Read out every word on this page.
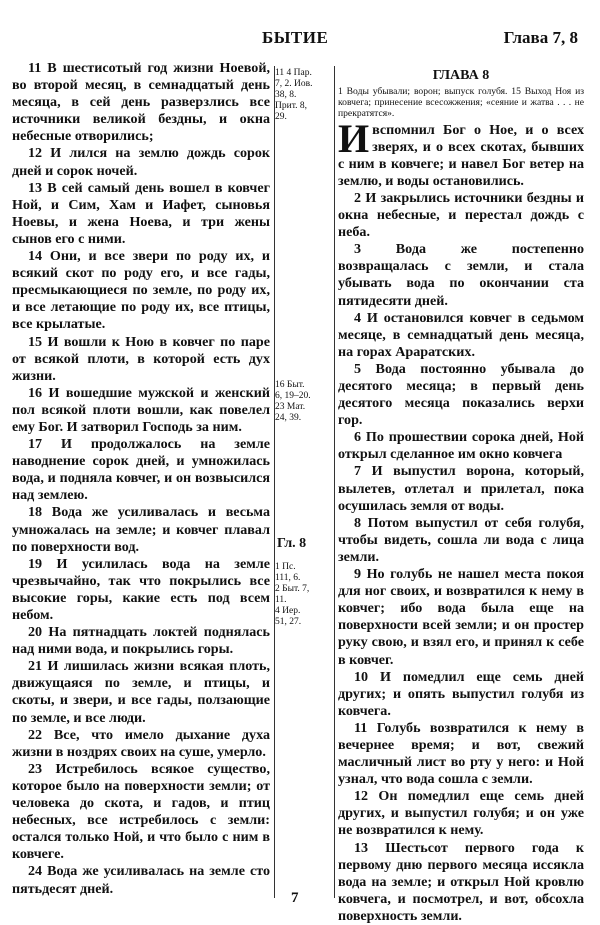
БЫТИЕ	Глава 7, 8

11 В шестисотый год жизни Ноевой, во второй месяц, в семнадцатый день месяца, в сей день разверзлись все источники великой бездны, и окна небесные отворились;

12 И лился на землю дождь сорок дней и сорок ночей.

13 В сей самый день вошел в ковчег Ной, и Сим, Хам и Иафет, сыновья Ноевы, и жена Ноева, и три жены сынов его с ними.

14 Они, и все звери по роду их, и всякий скот по роду его, и все гады, пресмыкающиеся по земле, по роду их, и все летающие по роду их, все птицы, все крылатые.

15 И вошли к Ною в ковчег по паре от всякой плоти, в которой есть дух жизни.

16 И вошедшие мужской и женский пол всякой плоти вошли, как повелел ему Бог. И затворил Господь за ним.

17 И продолжалось на земле наводнение сорок дней, и умножилась вода, и подняла ковчег, и он возвысился над землею.

18 Вода же усиливалась и весьма умножалась на земле; и ковчег плавал по поверхности вод.

19 И усилилась вода на земле чрезвычайно, так что покрылись все высокие горы, какие есть под всем небом.

20 На пятнадцать локтей поднялась над ними вода, и покрылись горы.

21 И лишилась жизни всякая плоть, движущаяся по земле, и птицы, и скоты, и звери, и все гады, ползающие по земле, и все люди.

22 Все, что имело дыхание духа жизни в ноздрях своих на суше, умерло.

23 Истребилось всякое существо, которое было на поверхности земли; от человека до скота, и гадов, и птиц небесных, все истребилось с земли: остался только Ной, и что было с ним в ковчеге.

24 Вода же усиливалась на земле сто пятьдесят дней.

11 4 Пар.
7, 2. Иов.
38, 8.
Прит. 8,
29.
16 Быт.
6, 19–20.
23 Мат.
24, 39.
Гл. 8
1 Пс.
111, 6.
2 Быт. 7,
11.
4 Иер.
51, 27.
ГЛАВА 8

1 Воды убывали; ворон; выпуск голубя. 15 Выход Ноя из ковчега; принесение всесожжения; «сеяние и жатва . . . не прекратятся».

Ивспомнил Бог о Ное, и о всех зверях, и о всех скотах, бывших с ним в ковчеге; и навел Бог ветер на землю, и воды остановились.

2 И закрылись источники бездны и окна небесные, и перестал дождь с неба.

3 Вода же постепенно возвращалась с земли, и стала убывать вода по окончании ста пятидесяти дней.

4 И остановился ковчег в седьмом месяце, в семнадцатый день месяца, на горах Араратских.

5 Вода постоянно убывала до десятого месяца; в первый день десятого месяца показались верхи гор.

6 По прошествии сорока дней, Ной открыл сделанное им окно ковчега

7 И выпустил ворона, который, вылетев, отлетал и прилетал, пока осушилась земля от воды.

8 Потом выпустил от себя голубя, чтобы видеть, сошла ли вода с лица земли.

9 Но голубь не нашел места покоя для ног своих, и возвратился к нему в ковчег; ибо вода была еще на поверхности всей земли; и он простер руку свою, и взял его, и принял к себе в ковчег.

10 И помедлил еще семь дней других; и опять выпустил голубя из ковчега.

11 Голубь возвратился к нему в вечернее время; и вот, свежий масличный лист во рту у него: и Ной узнал, что вода сошла с земли.

12 Он помедлил еще семь дней других, и выпустил голубя; и он уже не возвратился к нему.

13 Шестьсот первого года к первому дню первого месяца иссякла вода на земле; и открыл Ной кровлю ковчега, и посмотрел, и вот, обсохла поверхность земли.

7
